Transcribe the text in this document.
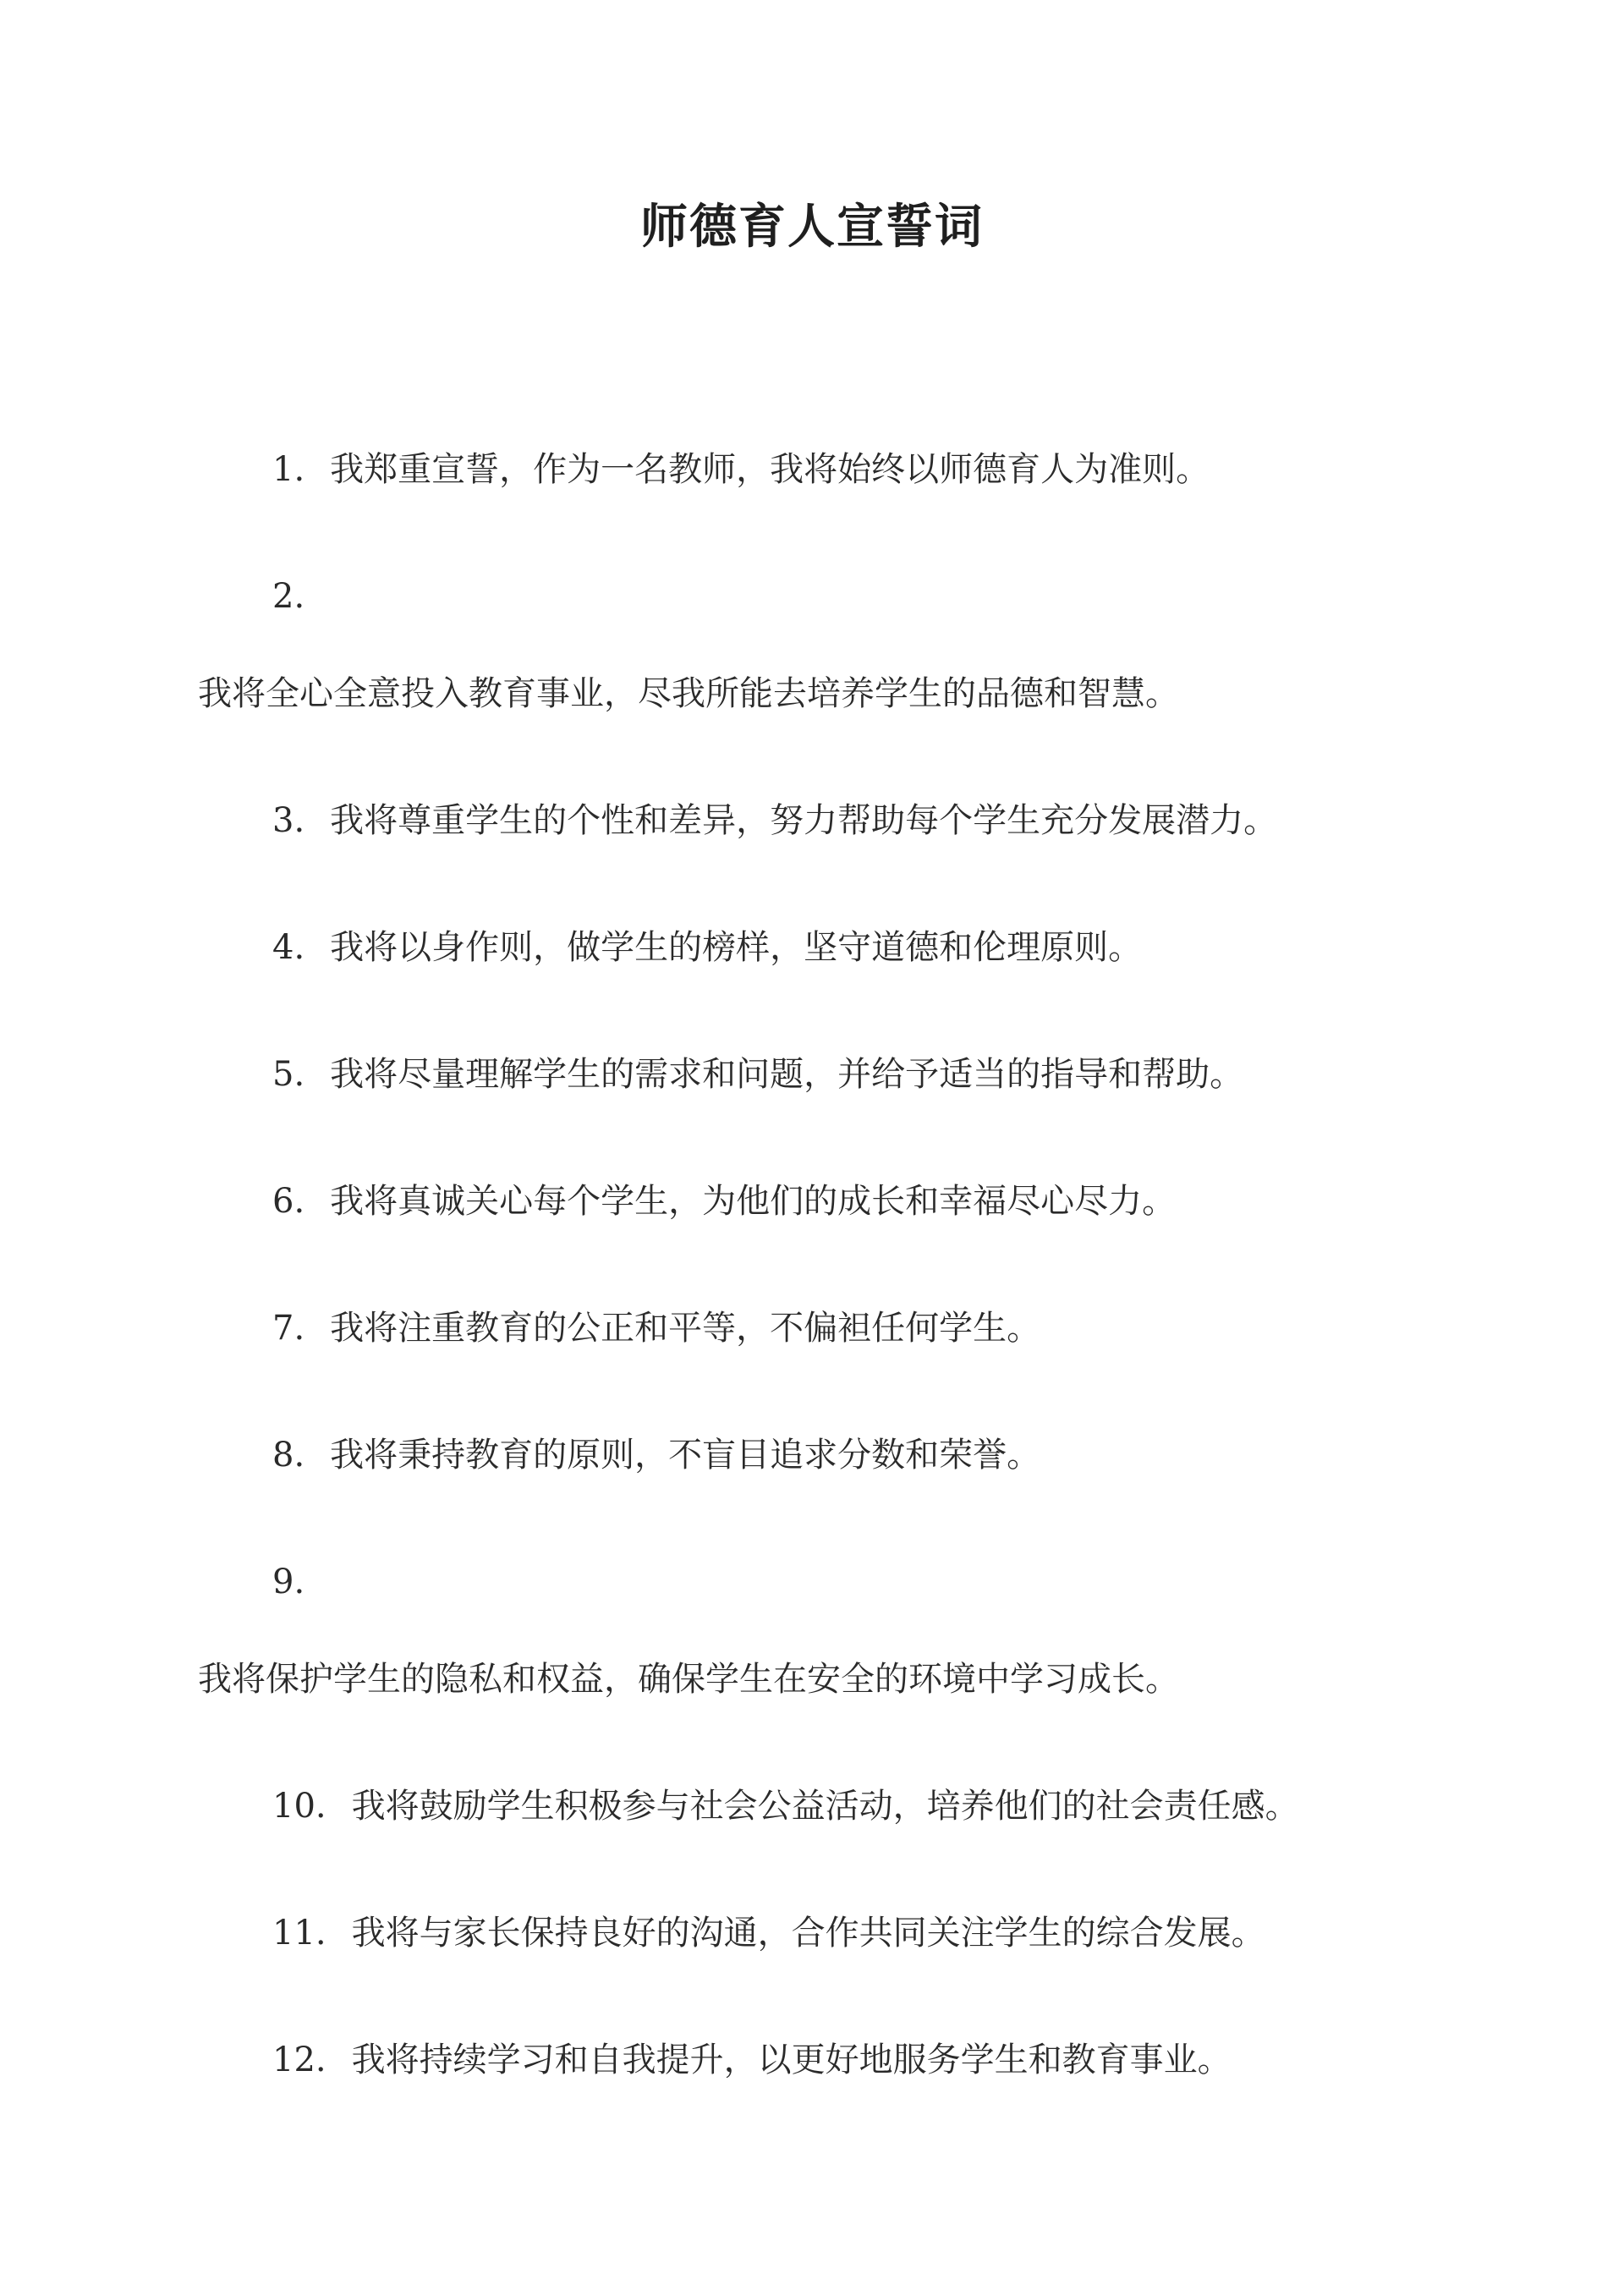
师德育人宣誓词
1. 我郑重宣誓，作为一名教师，我将始终以师德育人为准则。
2.
我将全心全意投入教育事业，尽我所能去培养学生的品德和智慧。
3. 我将尊重学生的个性和差异，努力帮助每个学生充分发展潜力。
4. 我将以身作则，做学生的榜样，坚守道德和伦理原则。
5. 我将尽量理解学生的需求和问题，并给予适当的指导和帮助。
6. 我将真诚关心每个学生，为他们的成长和幸福尽心尽力。
7. 我将注重教育的公正和平等，不偏袒任何学生。
8. 我将秉持教育的原则，不盲目追求分数和荣誉。
9.
我将保护学生的隐私和权益，确保学生在安全的环境中学习成长。
10. 我将鼓励学生积极参与社会公益活动，培养他们的社会责任感。
11. 我将与家长保持良好的沟通，合作共同关注学生的综合发展。
12. 我将持续学习和自我提升，以更好地服务学生和教育事业。
